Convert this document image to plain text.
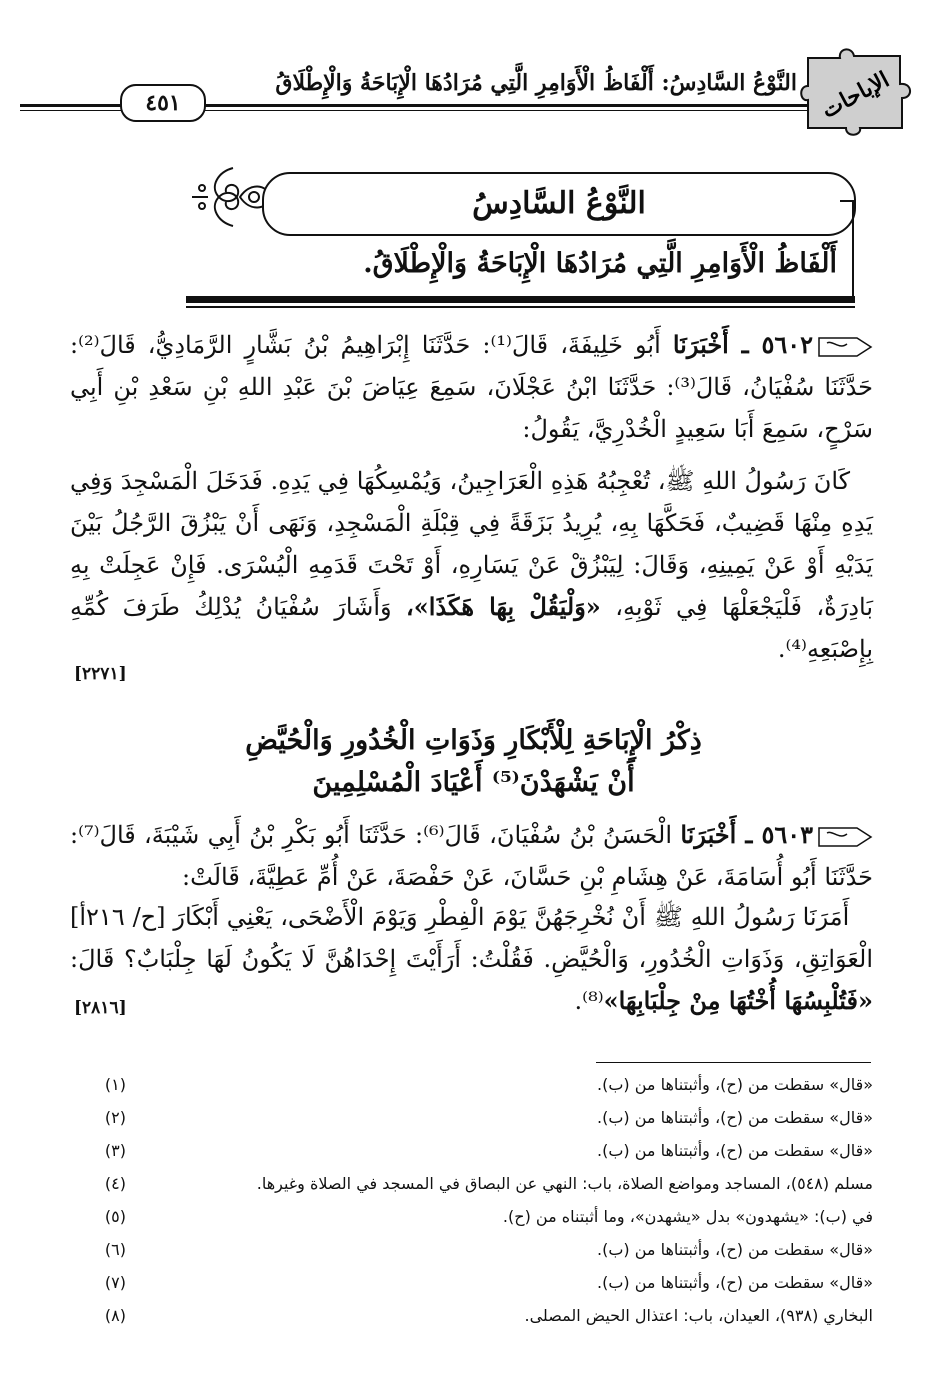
الإباحات
النَّوْعُ السَّادِسُ: أَلْفَاظُ الْأَوَامِرِ الَّتِي مُرَادُهَا الْإِبَاحَةُ وَالْإِطْلَاقُ
٤٥١
النَّوْعُ السَّادِسُ
أَلْفَاظُ الْأَوَامِرِ الَّتِي مُرَادُهَا الْإِبَاحَةُ وَالْإِطْلَاقُ.
٥٦٠٢ ـ أَخْبَرَنَا أَبُو خَلِيفَةَ، قَالَ⁽¹⁾: حَدَّثَنَا إِبْرَاهِيمُ بْنُ بَشَّارٍ الرَّمَادِيُّ، قَالَ⁽²⁾: حَدَّثَنَا سُفْيَانُ، قَالَ⁽³⁾: حَدَّثَنَا ابْنُ عَجْلَانَ، سَمِعَ عِيَاضَ بْنَ عَبْدِ اللهِ بْنِ سَعْدِ بْنِ أَبِي سَرْحٍ، سَمِعَ أَبَا سَعِيدٍ الْخُدْرِيَّ، يَقُولُ:
كَانَ رَسُولُ اللهِ ﷺ، تُعْجِبُهُ هَذِهِ الْعَرَاجِينُ، وَيُمْسِكُهَا فِي يَدِهِ. فَدَخَلَ الْمَسْجِدَ وَفِي يَدِهِ مِنْهَا قَضِيبٌ، فَحَكَّهَا بِهِ، يُرِيدُ بَزَقَةً فِي قِبْلَةِ الْمَسْجِدِ، وَنَهَى أَنْ يَبْزُقَ الرَّجُلُ بَيْنَ يَدَيْهِ أَوْ عَنْ يَمِينِهِ، وَقَالَ: لِيَبْزُقْ عَنْ يَسَارِهِ، أَوْ تَحْتَ قَدَمِهِ الْيُسْرَى. فَإِنْ عَجِلَتْ بِهِ بَادِرَةٌ، فَلْيَجْعَلْهَا فِي ثَوْبِهِ، «وَلْيَقُلْ بِهَا هَكَذَا»، وَأَشَارَ سُفْيَانُ يُدْلِكُ طَرَفَ كُمِّهِ بِإِصْبَعِهِ⁽⁴⁾.
[٢٢٧١]
ذِكْرُ الْإِبَاحَةِ لِلْأَبْكَارِ وَذَوَاتِ الْخُدُورِ وَالْحُيَّضِ
أَنْ يَشْهَدْنَ⁽⁵⁾ أَعْيَادَ الْمُسْلِمِينَ
٥٦٠٣ ـ أَخْبَرَنَا الْحَسَنُ بْنُ سُفْيَانَ، قَالَ⁽⁶⁾: حَدَّثَنَا أَبُو بَكْرِ بْنُ أَبِي شَيْبَةَ، قَالَ⁽⁷⁾: حَدَّثَنَا أَبُو أُسَامَةَ، عَنْ هِشَامِ بْنِ حَسَّانَ، عَنْ حَفْصَةَ، عَنْ أُمِّ عَطِيَّةَ، قَالَتْ:
أَمَرَنَا رَسُولُ اللهِ ﷺ أَنْ نُخْرِجَهُنَّ يَوْمَ الْفِطْرِ وَيَوْمَ الْأَضْحَى، يَعْنِي أَبْكَارَ [ح/ ٢١٦أ] الْعَوَاتِقِ، وَذَوَاتِ الْخُدُورِ، وَالْحُيَّضِ. فَقُلْتُ: أَرَأَيْتَ إِحْدَاهُنَّ لَا يَكُونُ لَهَا جِلْبَابٌ؟ قَالَ: «فَتُلْبِسُهَا أُخْتُهَا مِنْ جِلْبَابِهَا»⁽⁸⁾.
[٢٨١٦]
(١)	«قال» سقطت من (ح)، وأثبتناها من (ب).
(٢)	«قال» سقطت من (ح)، وأثبتناها من (ب).
(٣)	«قال» سقطت من (ح)، وأثبتناها من (ب).
(٤)	مسلم (٥٤٨)، المساجد ومواضع الصلاة، باب: النهي عن البصاق في المسجد في الصلاة وغيرها.
(٥)	في (ب): «يشهدون» بدل «يشهدن»، وما أثبتناه من (ح).
(٦)	«قال» سقطت من (ح)، وأثبتناها من (ب).
(٧)	«قال» سقطت من (ح)، وأثبتناها من (ب).
(٨)	البخاري (٩٣٨)، العيدان، باب: اعتذال الحيض المصلى.
